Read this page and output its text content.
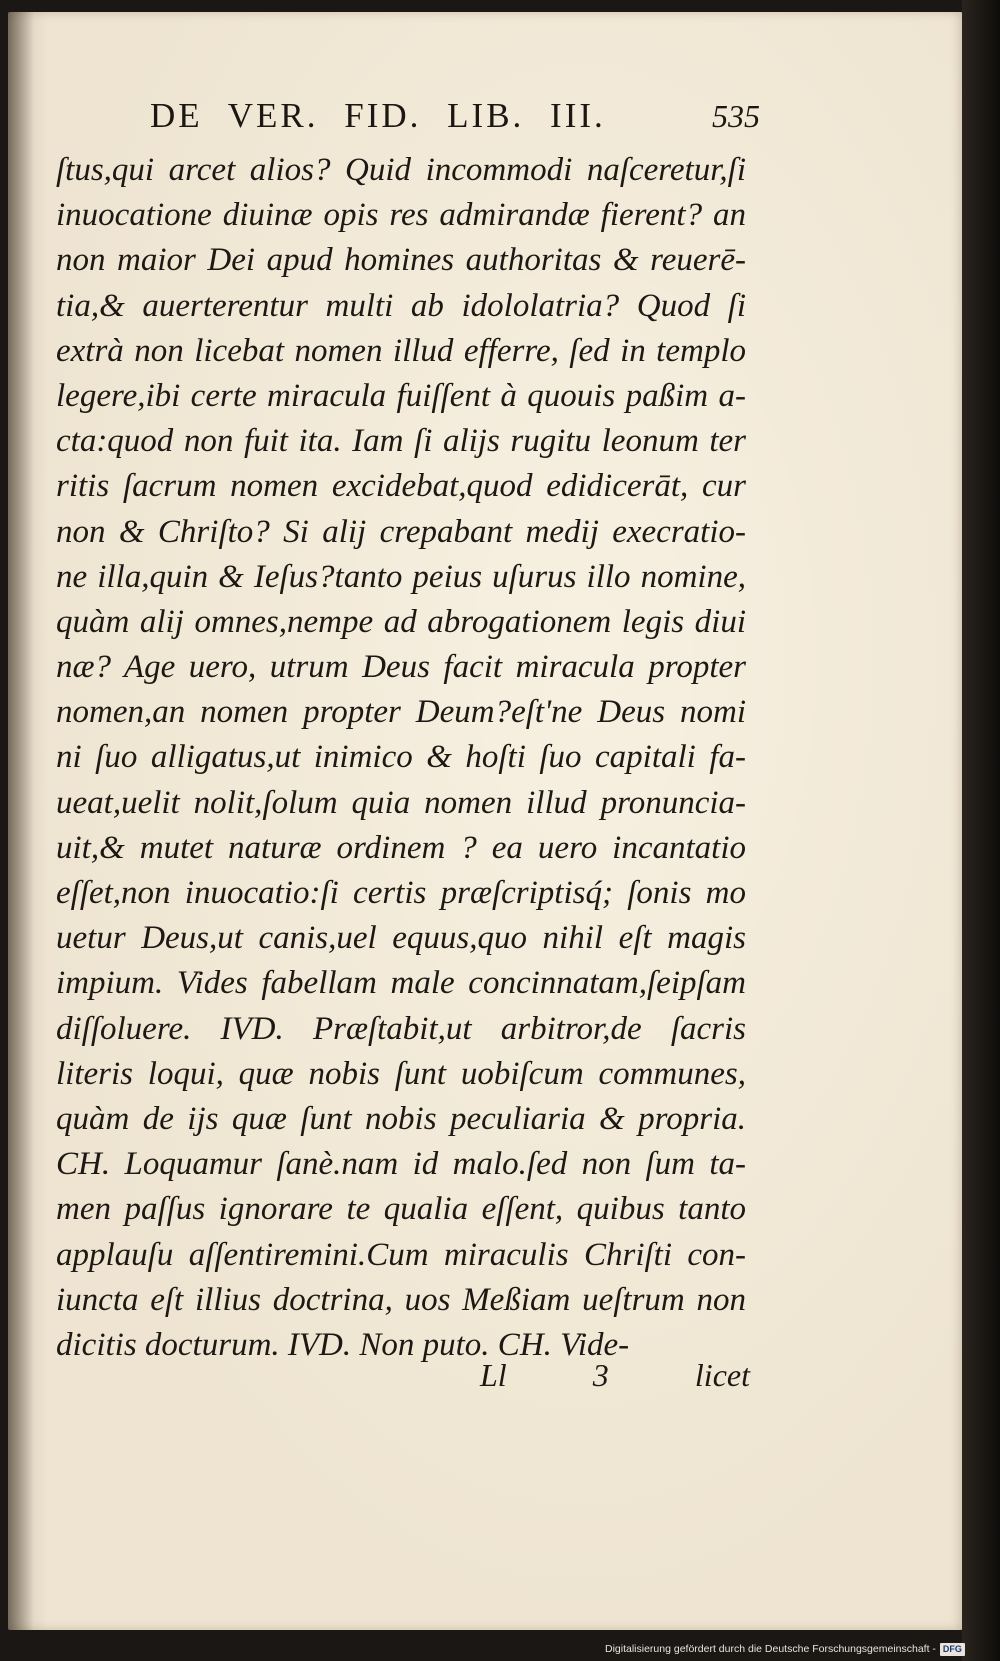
DE VER. FID. LIB. III.	535
ſtus,qui arcet alios? Quid incommodi naſceretur,ſi
inuocatione diuinæ opis res admirandæ fierent? an
non maior Dei apud homines authoritas & reuerē-
tia,& auerterentur multi ab idololatria? Quod ſi
extrà non licebat nomen illud efferre, ſed in templo
legere,ibi certe miracula fuiſſent à quouis paßim a-
cta:quod non fuit ita. Iam ſi alijs rugitu leonum ter
ritis ſacrum nomen excidebat,quod edidicerāt, cur
non & Chriſto? Si alij crepabant medij execratio-
ne illa,quin & Ieſus?tanto peius uſurus illo nomine,
quàm alij omnes,nempe ad abrogationem legis diui
næ? Age uero, utrum Deus facit miracula propter
nomen,an nomen propter Deum?eſt'ne Deus nomi
ni ſuo alligatus,ut inimico & hoſti ſuo capitali fa-
ueat,uelit nolit,ſolum quia nomen illud pronuncia-
uit,& mutet naturæ ordinem ? ea uero incantatio
eſſet,non inuocatio:ſi certis præſcriptisq́; ſonis mo
uetur Deus,ut canis,uel equus,quo nihil eſt magis
impium. Vides fabellam male concinnatam,ſeipſam
diſſoluere. IVD. Præſtabit,ut arbitror,de ſacris
literis loqui, quæ nobis ſunt uobiſcum communes,
quàm de ijs quæ ſunt nobis peculiaria & propria.
CH. Loquamur ſanè.nam id malo.ſed non ſum ta-
men paſſus ignorare te qualia eſſent, quibus tanto
applauſu aſſentiremini.Cum miraculis Chriſti con-
iuncta eſt illius doctrina, uos Meßiam ueſtrum non
dicitis docturum. IVD. Non puto. CH. Vide-
Ll	3	licet
Digitalisierung gefördert durch die Deutsche Forschungsgemeinschaft - DFG
